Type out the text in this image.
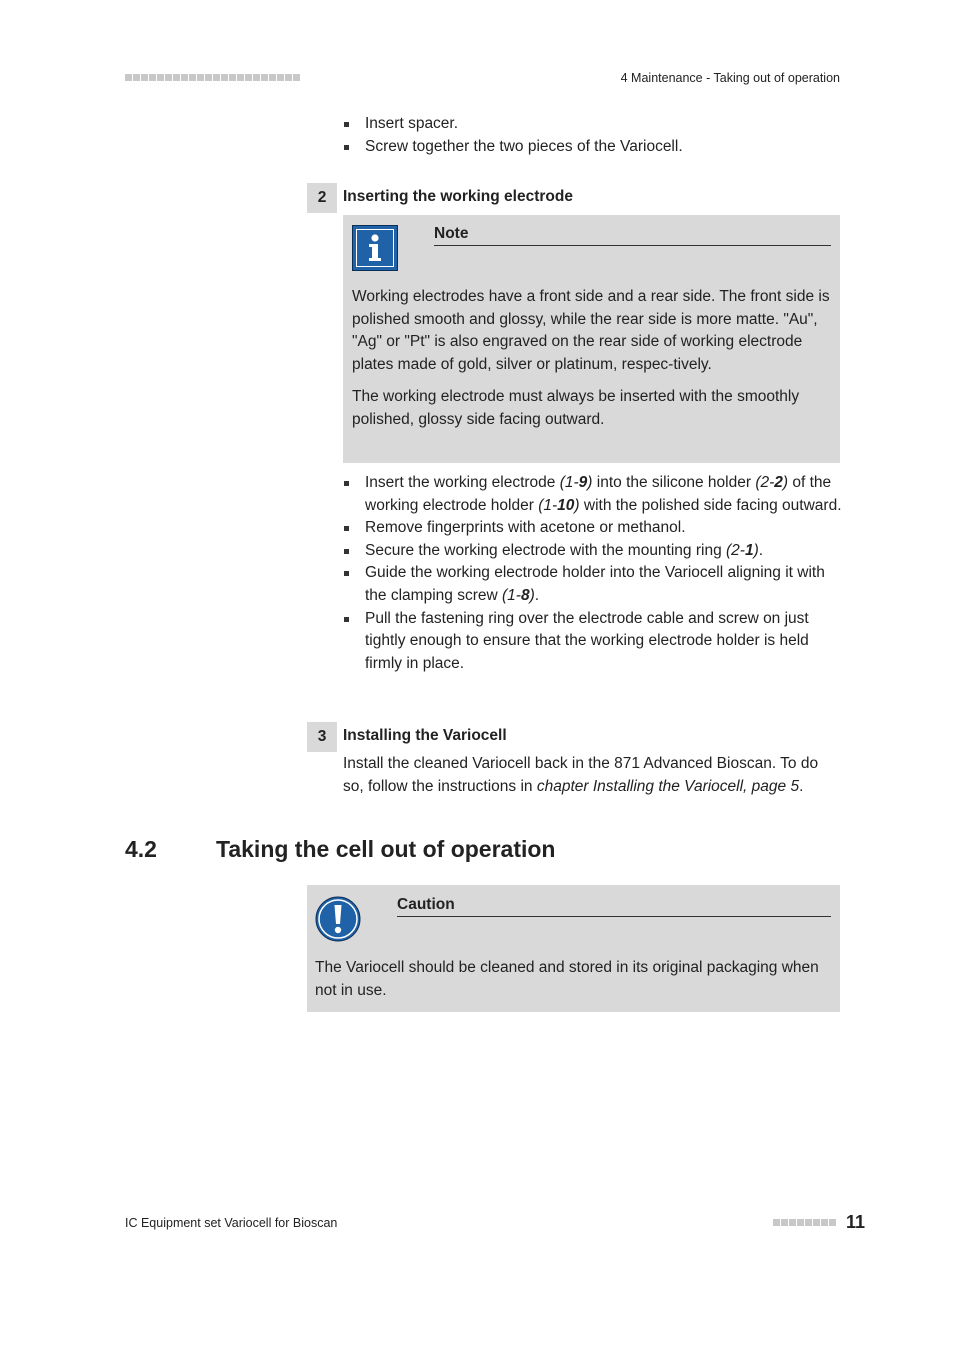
4 Maintenance - Taking out of operation
Insert spacer.
Screw together the two pieces of the Variocell.
2	Inserting the working electrode
Note

Working electrodes have a front side and a rear side. The front side is polished smooth and glossy, while the rear side is more matte. "Au", "Ag" or "Pt" is also engraved on the rear side of working electrode plates made of gold, silver or platinum, respec-tively.

The working electrode must always be inserted with the smoothly polished, glossy side facing outward.

Insert the working electrode (1-9) into the silicone holder (2-2) of the working electrode holder (1-10) with the polished side facing outward.
Remove fingerprints with acetone or methanol.
Secure the working electrode with the mounting ring (2-1).
Guide the working electrode holder into the Variocell aligning it with the clamping screw (1-8).
Pull the fastening ring over the electrode cable and screw on just tightly enough to ensure that the working electrode holder is held firmly in place.
3	Installing the Variocell

Install the cleaned Variocell back in the 871 Advanced Bioscan. To do so, follow the instructions in chapter Installing the Variocell, page 5.

4.2	Taking the cell out of operation
Caution

The Variocell should be cleaned and stored in its original packaging when not in use.

IC Equipment set Variocell for Bioscan	11
